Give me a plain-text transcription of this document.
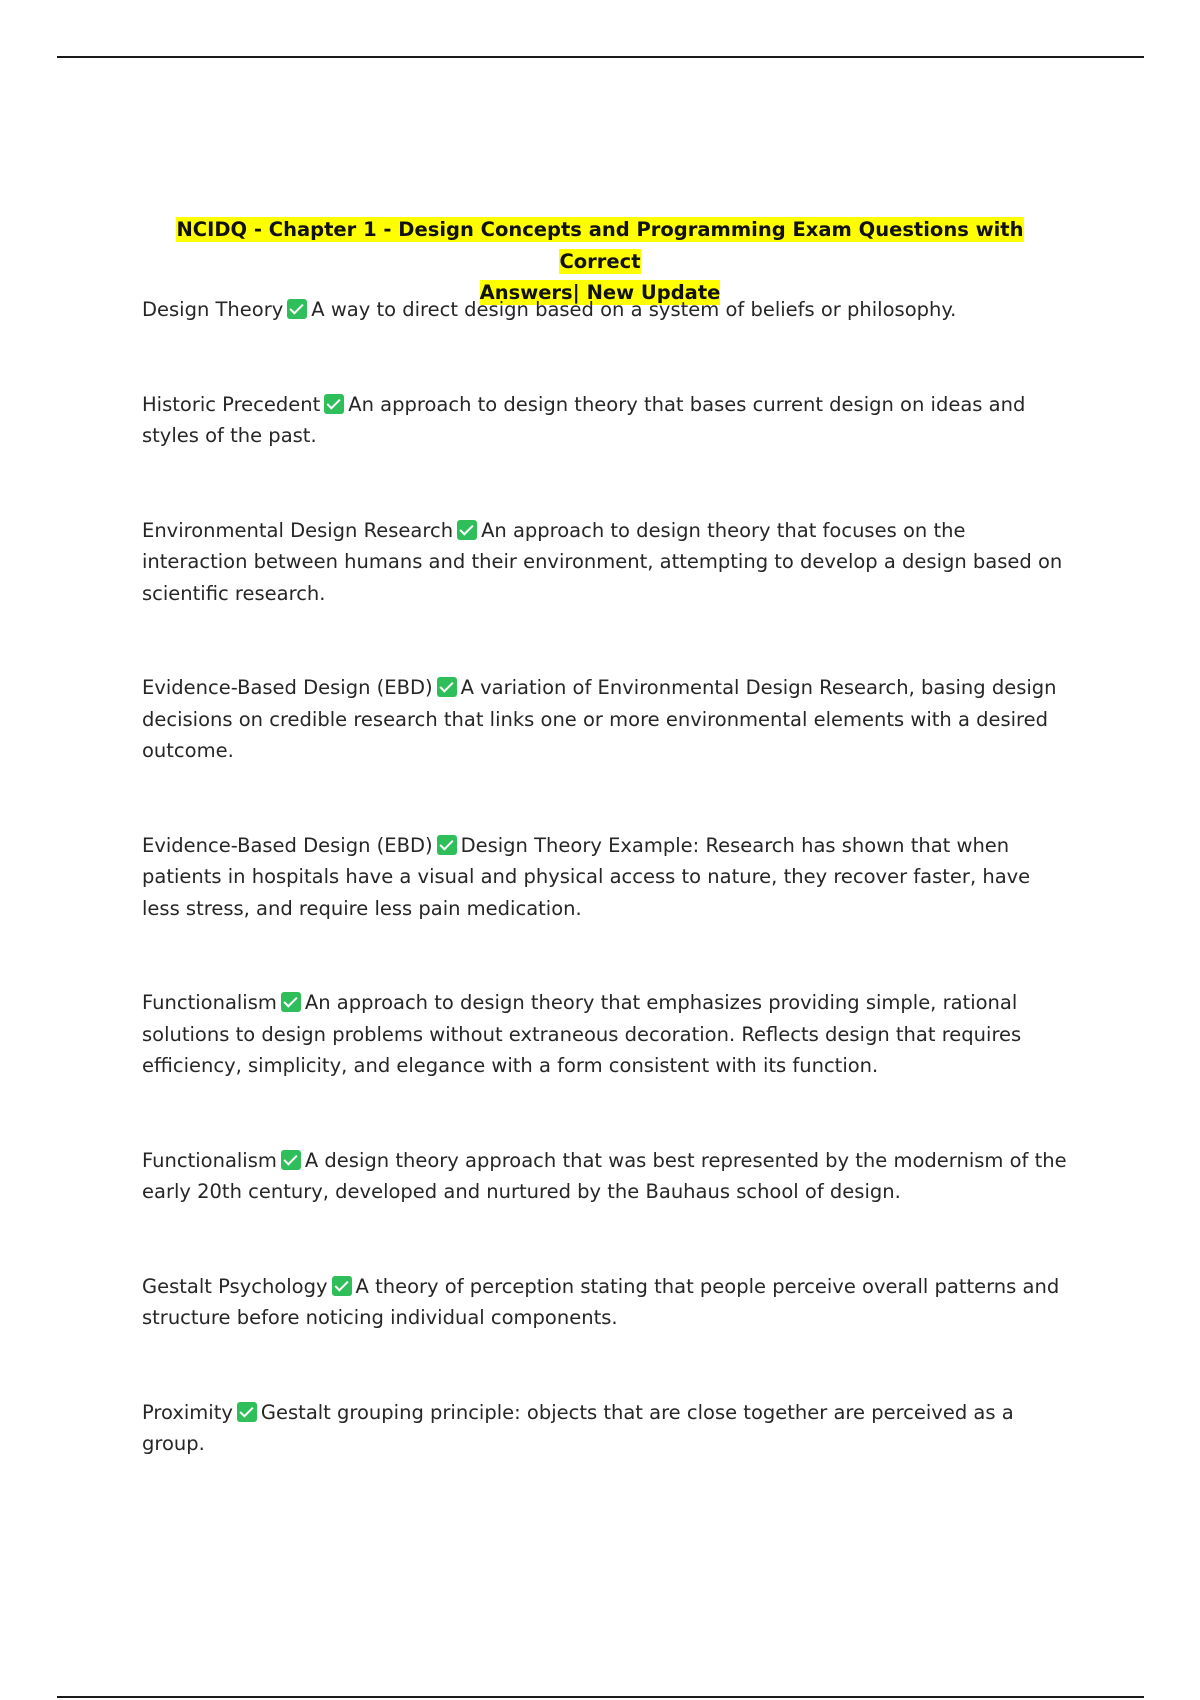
NCIDQ - Chapter 1 - Design Concepts and Programming Exam Questions with Correct
Answers| New Update

Design Theory A way to direct design based on a system of beliefs or philosophy.

Historic Precedent An approach to design theory that bases current design on ideas and styles of the past.

Environmental Design Research An approach to design theory that focuses on the interaction between humans and their environment, attempting to develop a design based on scientific research.

Evidence-Based Design (EBD) A variation of Environmental Design Research, basing design decisions on credible research that links one or more environmental elements with a desired outcome.

Evidence-Based Design (EBD) Design Theory Example: Research has shown that when patients in hospitals have a visual and physical access to nature, they recover faster, have less stress, and require less pain medication.

Functionalism An approach to design theory that emphasizes providing simple, rational solutions to design problems without extraneous decoration. Reflects design that requires efficiency, simplicity, and elegance with a form consistent with its function.

Functionalism A design theory approach that was best represented by the modernism of the early 20th century, developed and nurtured by the Bauhaus school of design.

Gestalt Psychology A theory of perception stating that people perceive overall patterns and structure before noticing individual components.

Proximity Gestalt grouping principle: objects that are close together are perceived as a group.
